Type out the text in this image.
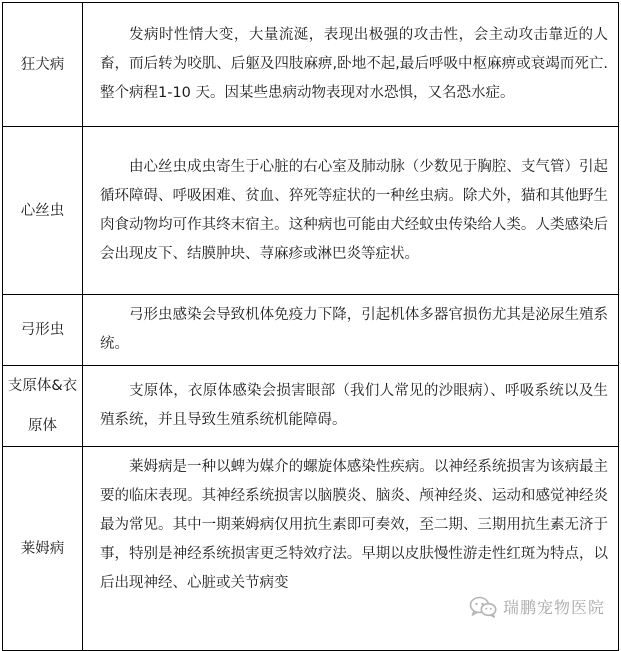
狂犬病	发病时性情大变，大量流涎，表现出极强的攻击性，会主动攻击靠近的人畜，而后转为咬肌、后躯及四肢麻痹,卧地不起,最后呼吸中枢麻痹或衰竭而死亡.整个病程1-10 天。因某些患病动物表现对水恐惧，又名恐水症。

心丝虫	由心丝虫成虫寄生于心脏的右心室及肺动脉（少数见于胸腔、支气管）引起循环障碍、呼吸困难、贫血、猝死等症状的一种丝虫病。除犬外，猫和其他野生肉食动物均可作其终末宿主。这种病也可能由犬经蚊虫传染给人类。人类感染后会出现皮下、结膜肿块、荨麻疹或淋巴炎等症状。

弓形虫	弓形虫感染会导致机体免疫力下降，引起机体多器官损伤尤其是泌尿生殖系统。

支原体&衣原体	支原体，衣原体感染会损害眼部（我们人常见的沙眼病）、呼吸系统以及生殖系统，并且导致生殖系统机能障碍。

莱姆病	莱姆病是一种以蜱为媒介的螺旋体感染性疾病。以神经系统损害为该病最主要的临床表现。其神经系统损害以脑膜炎、脑炎、颅神经炎、运动和感觉神经炎最为常见。其中一期莱姆病仅用抗生素即可奏效，至二期、三期用抗生素无济于事，特别是神经系统损害更乏特效疗法。早期以皮肤慢性游走性红斑为特点，以后出现神经、心脏或关节病变

瑞鹏宠物医院
